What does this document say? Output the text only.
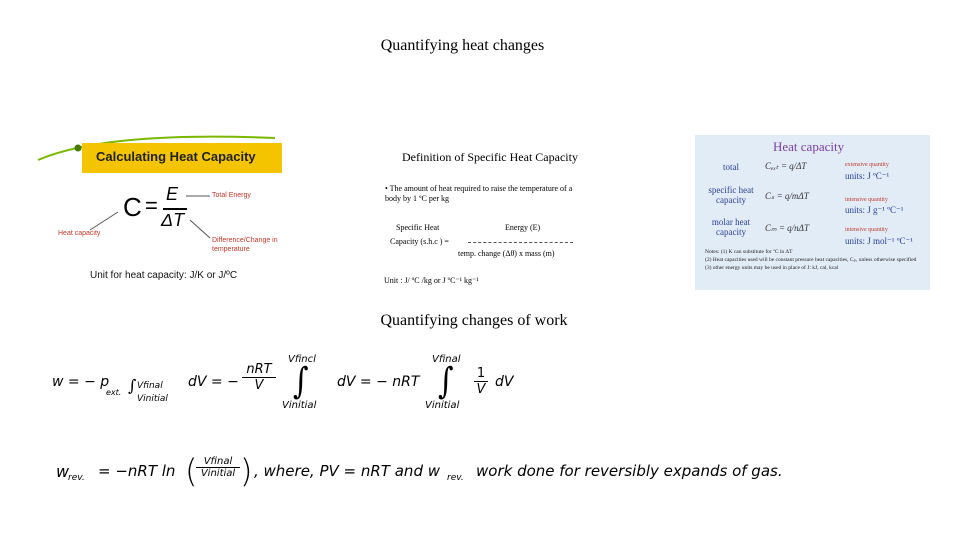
Quantifying heat changes
Quantifying changes of work
Calculating Heat Capacity
C = E
ΔT
Total Energy
Heat capacity
Difference/Change in temperature
Unit for heat capacity: J/K or J/ºC
Definition of Specific Heat Capacity
• The amount of heat required to raise the temperature of a body by 1 ºC per kg
Specific Heat	Energy (E)
Capacity (s.h.c ) =
temp. change (Δθ) x mass (m)
Unit : J/ ºC /kg or J ºC⁻¹ kg⁻¹
Heat capacity
total	Cₑₓₜ = q/ΔT	extensive quantity
units: J ºC⁻¹
specific heat capacity	Cₛ = q/mΔT	intensive quantity
units: J g⁻¹ ºC⁻¹
molar heat capacity	Cₘ = q/nΔT	intensive quantity
units: J mol⁻¹ ºC⁻¹
Notes: (1) K can substitute for ºC in ΔT
(2) Heat capacities used will be constant pressure heat capacities, Cₚ, unless otherwise specified
(3) other energy units may be used in place of J: kJ, cal, kcal
w = − p
ext. ∫ Vfinal
Vinitial
dV = −
nRT
V
Vfincl
∫
Vinitial
dV = − nRT
Vfinal
∫
Vinitial
1
V dV
w
rev. = −nRT ln ( Vfinal
Vinitial ) , where, PV = nRT and w rev. work done for reversibly expands of gas.
